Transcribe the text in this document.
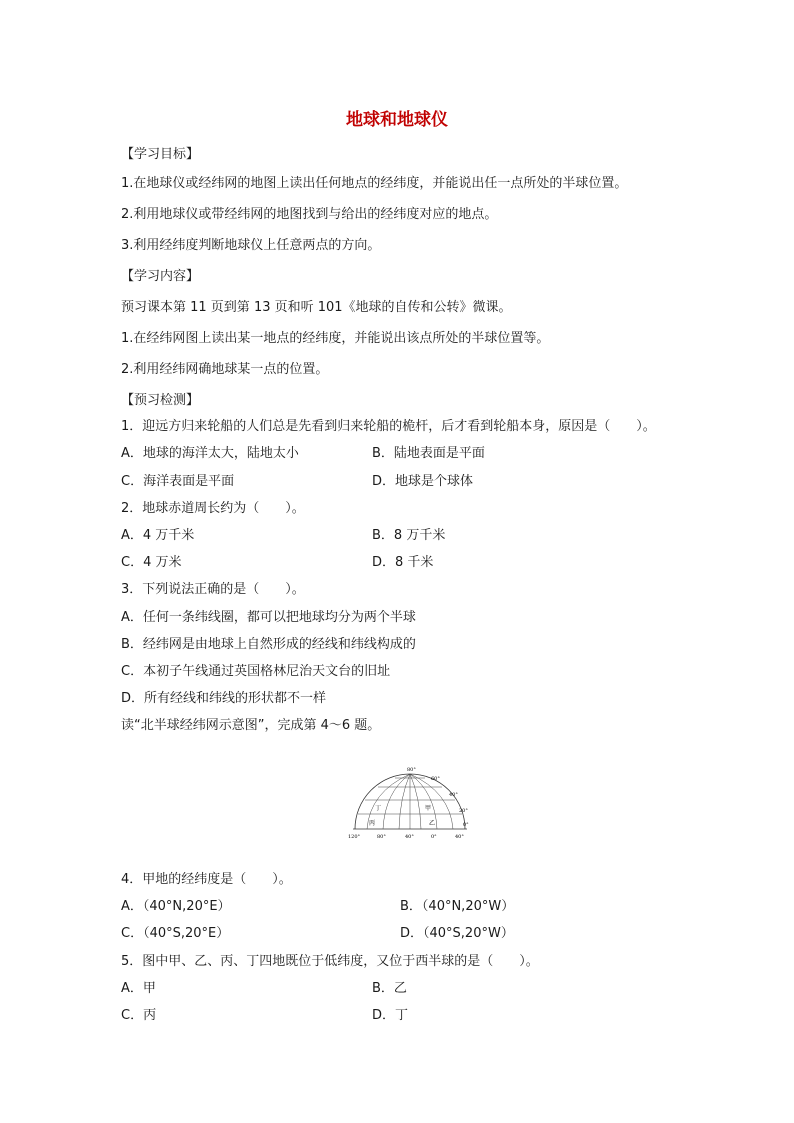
地球和地球仪
【学习目标】
1.在地球仪或经纬网的地图上读出任何地点的经纬度，并能说出任一点所处的半球位置。
2.利用地球仪或带经纬网的地图找到与给出的经纬度对应的地点。
3.利用经纬度判断地球仪上任意两点的方向。
【学习内容】
预习课本第 11 页到第 13 页和听 101《地球的自传和公转》微课。
1.在经纬网图上读出某一地点的经纬度，并能说出该点所处的半球位置等。
2.利用经纬网确地球某一点的位置。
【预习检测】
1．迎远方归来轮船的人们总是先看到归来轮船的桅杆，后才看到轮船本身，原因是（　　）。
A．地球的海洋太大，陆地太小	B．陆地表面是平面
C．海洋表面是平面	D．地球是个球体
2．地球赤道周长约为（　　）。
A．4 万千米	B．8 万千米
C．4 万米	D．8 千米
3．下列说法正确的是（　　）。
A．任何一条纬线圈，都可以把地球均分为两个半球
B．经纬网是由地球上自然形成的经线和纬线构成的
C．本初子午线通过英国格林尼治天文台的旧址
D．所有经线和纬线的形状都不一样
读“北半球经纬网示意图”，完成第 4～6 题。
80°
60°
40°
20°
0°
丁	甲
丙	乙
120°	80°	40°	0°	40°
4．甲地的经纬度是（　　）。
A．（40°N,20°E）	B．（40°N,20°W）
C．（40°S,20°E）	D．（40°S,20°W）
5．图中甲、乙、丙、丁四地既位于低纬度，又位于西半球的是（　　）。
A．甲	B．乙
C．丙	D．丁
